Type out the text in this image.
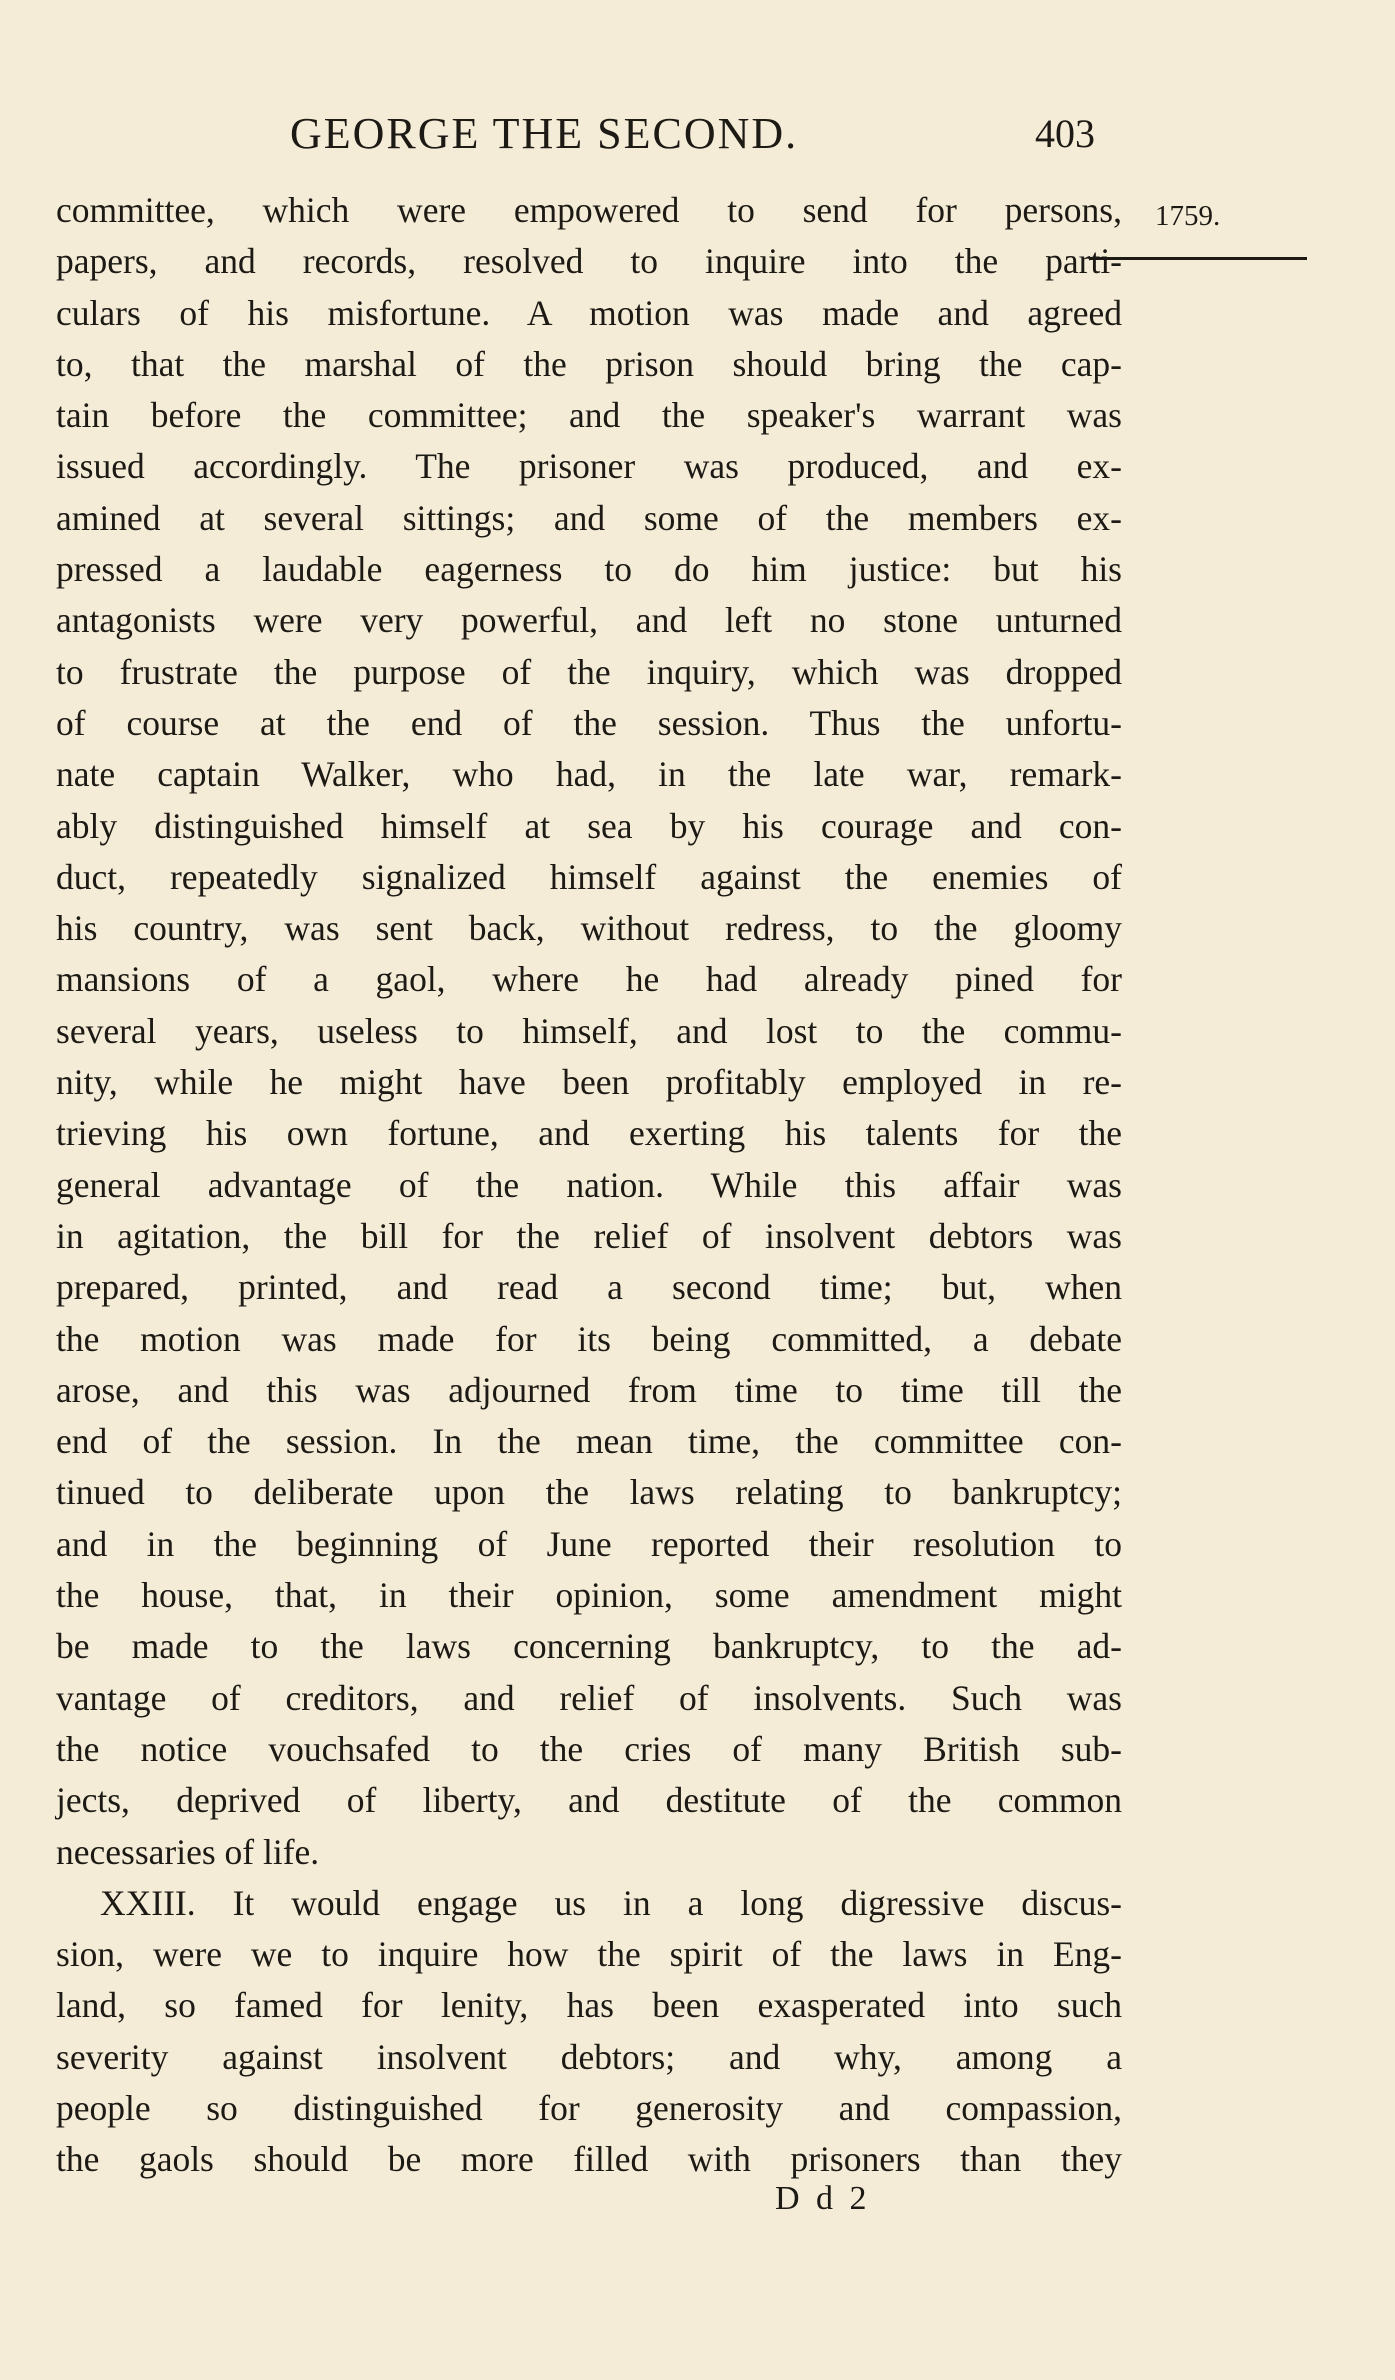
GEORGE THE SECOND.	403
1759.
committee, which were empowered to send for persons,
papers, and records, resolved to inquire into the parti-
culars of his misfortune. A motion was made and agreed
to, that the marshal of the prison should bring the cap-
tain before the committee; and the speaker's warrant was
issued accordingly. The prisoner was produced, and ex-
amined at several sittings; and some of the members ex-
pressed a laudable eagerness to do him justice: but his
antagonists were very powerful, and left no stone unturned
to frustrate the purpose of the inquiry, which was dropped
of course at the end of the session. Thus the unfortu-
nate captain Walker, who had, in the late war, remark-
ably distinguished himself at sea by his courage and con-
duct, repeatedly signalized himself against the enemies of
his country, was sent back, without redress, to the gloomy
mansions of a gaol, where he had already pined for
several years, useless to himself, and lost to the commu-
nity, while he might have been profitably employed in re-
trieving his own fortune, and exerting his talents for the
general advantage of the nation. While this affair was
in agitation, the bill for the relief of insolvent debtors was
prepared, printed, and read a second time; but, when
the motion was made for its being committed, a debate
arose, and this was adjourned from time to time till the
end of the session. In the mean time, the committee con-
tinued to deliberate upon the laws relating to bankruptcy;
and in the beginning of June reported their resolution to
the house, that, in their opinion, some amendment might
be made to the laws concerning bankruptcy, to the ad-
vantage of creditors, and relief of insolvents. Such was
the notice vouchsafed to the cries of many British sub-
jects, deprived of liberty, and destitute of the common
necessaries of life.
XXIII. It would engage us in a long digressive discus-
sion, were we to inquire how the spirit of the laws in Eng-
land, so famed for lenity, has been exasperated into such
severity against insolvent debtors; and why, among a
people so distinguished for generosity and compassion,
the gaols should be more filled with prisoners than they
D d 2
